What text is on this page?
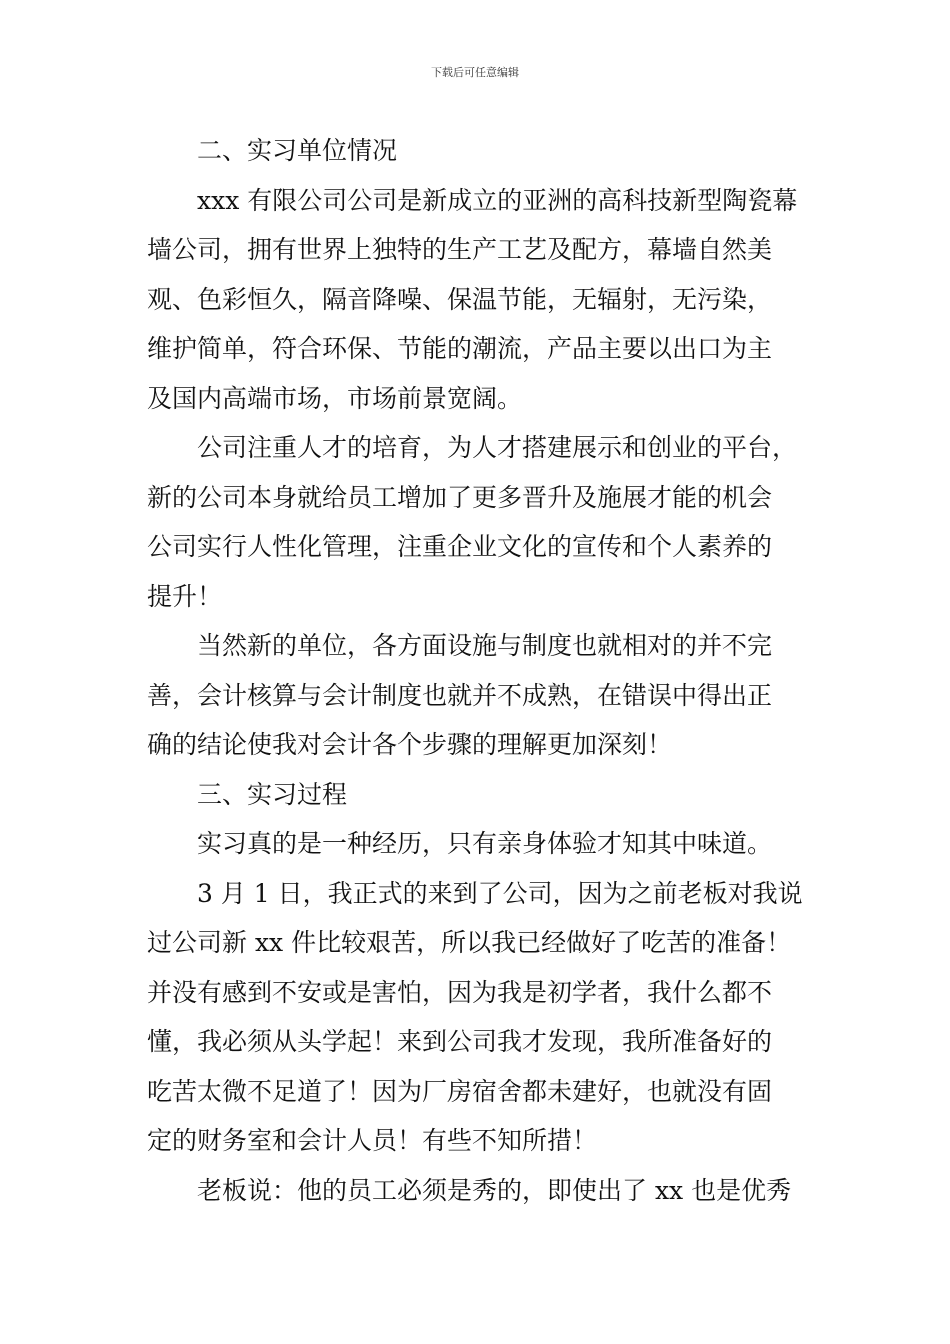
下载后可任意编辑
二、实习单位情况
xxx 有限公司公司是新成立的亚洲的高科技新型陶瓷幕
墙公司，拥有世界上独特的生产工艺及配方，幕墙自然美
观、色彩恒久，隔音降噪、保温节能，无辐射，无污染，
维护简单，符合环保、节能的潮流，产品主要以出口为主
及国内高端市场，市场前景宽阔。
公司注重人才的培育，为人才搭建展示和创业的平台，
新的公司本身就给员工增加了更多晋升及施展才能的机会
公司实行人性化管理，注重企业文化的宣传和个人素养的
提升！
当然新的单位，各方面设施与制度也就相对的并不完
善，会计核算与会计制度也就并不成熟，在错误中得出正
确的结论使我对会计各个步骤的理解更加深刻！
三、实习过程
实习真的是一种经历，只有亲身体验才知其中味道。
3 月 1 日，我正式的来到了公司，因为之前老板对我说
过公司新 xx 件比较艰苦，所以我已经做好了吃苦的准备！
并没有感到不安或是害怕，因为我是初学者，我什么都不
懂，我必须从头学起！来到公司我才发现，我所准备好的
吃苦太微不足道了！因为厂房宿舍都未建好，也就没有固
定的财务室和会计人员！有些不知所措！
老板说：他的员工必须是秀的，即使出了 xx 也是优秀
